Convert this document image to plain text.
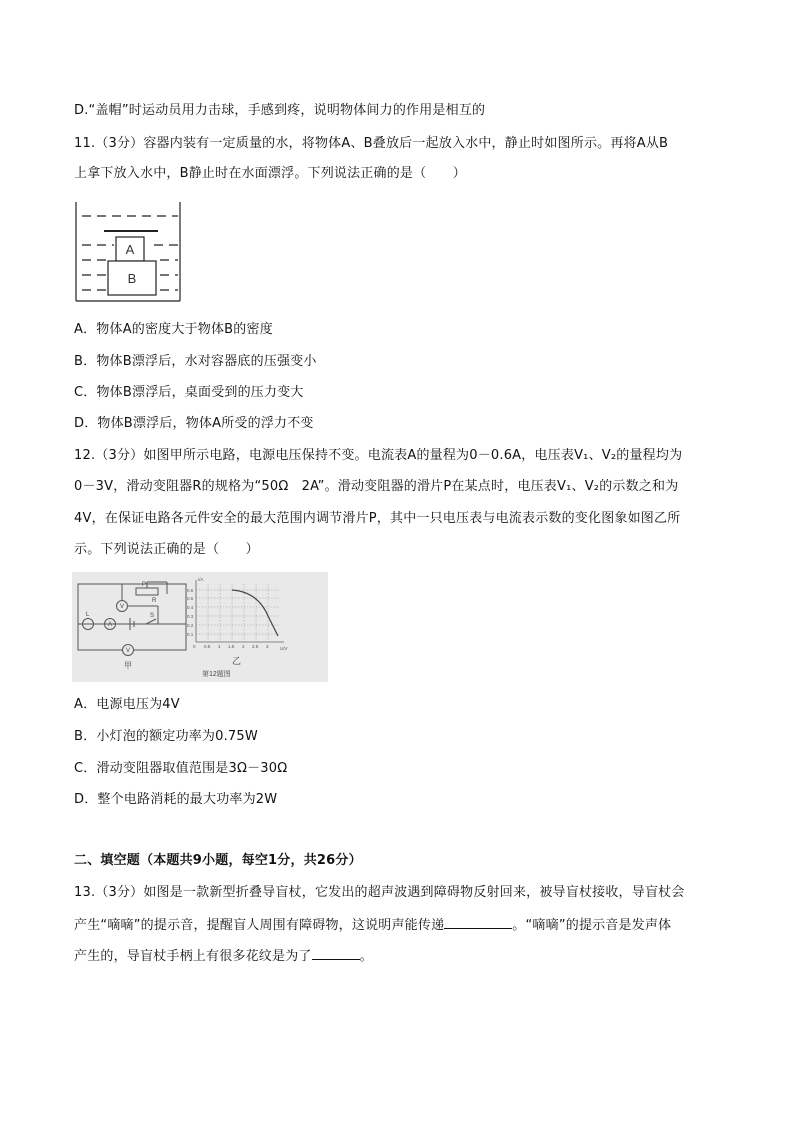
D.“盖帽”时运动员用力击球，手感到疼，说明物体间力的作用是相互的
11.（3分）容器内装有一定质量的水，将物体A、B叠放后一起放入水中，静止时如图所示。再将A从B
上拿下放入水中，B静止时在水面漂浮。下列说法正确的是（　　）
A
B
A．物体A的密度大于物体B的密度
B．物体B漂浮后，水对容器底的压强变小
C．物体B漂浮后，桌面受到的压力变大
D．物体B漂浮后，物体A所受的浮力不变
12.（3分）如图甲所示电路，电源电压保持不变。电流表A的量程为0－0.6A，电压表V₁、V₂的量程均为
0－3V，滑动变阻器R的规格为“50Ω　2A”。滑动变阻器的滑片P在某点时，电压表V₁、V₂的示数之和为
4V，在保证电路各元件安全的最大范围内调节滑片P，其中一只电压表与电流表示数的变化图象如图乙所
示。下列说法正确的是（　　）
L
P
R
S
A
V
V
甲
第12题图
I/A
U/V
0.6
0.5
0.4
0.3
0.2
0.1
0 0.5 1 1.5 2 2.5 3
乙
A．电源电压为4V
B．小灯泡的额定功率为0.75W
C．滑动变阻器取值范围是3Ω－30Ω
D．整个电路消耗的最大功率为2W
二、填空题（本题共9小题，每空1分，共26分）
13.（3分）如图是一款新型折叠导盲杖，它发出的超声波遇到障碍物反射回来，被导盲杖接收，导盲杖会
产生“嘀嘀”的提示音，提醒盲人周围有障碍物，这说明声能传递	。“嘀嘀”的提示音是发声体
产生的，导盲杖手柄上有很多花纹是为了	。
